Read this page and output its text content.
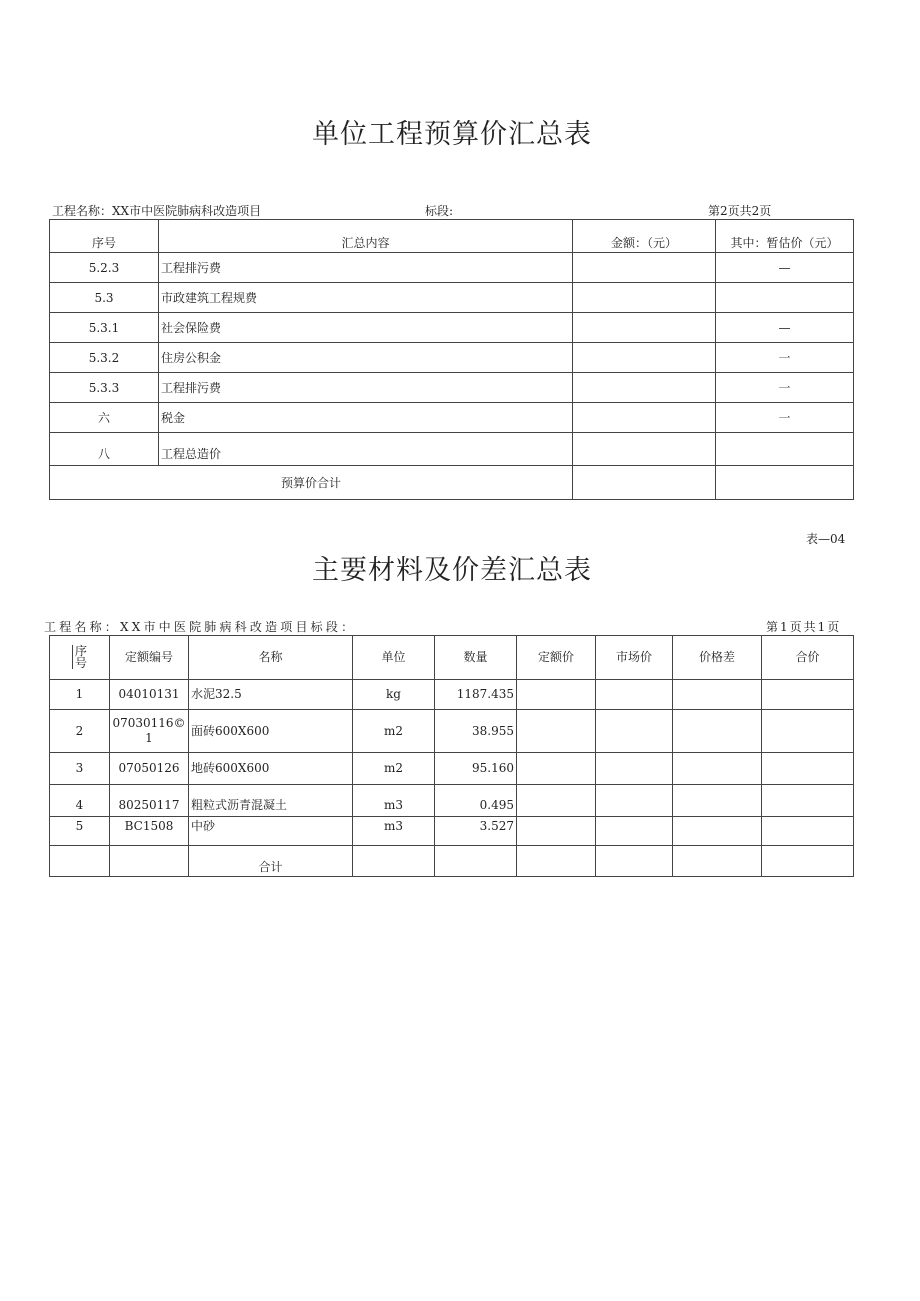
单位工程预算价汇总表
工程名称：XX市中医院肺病科改造项目	标段:	第2页共2页
序号	汇总内容	金额：（元）	其中：暂估价（元）
5.2.3	工程排污费		—
5.3	市政建筑工程规费		
5.3.1	社会保险费		—
5.3.2	住房公积金		一
5.3.3	工程排污费		一
六	税金		一
八	工程总造价		
预算价合计			
表—04
主要材料及价差汇总表
工程名称：XX市中医院肺病科改造项目标段：	第1页共1页
序号	定额编号	名称	单位	数量	定额价	市场价	价格差	合价
1	04010131	水泥32.5	kg	1187.435				
2	07030116©1	面砖600X600	m2	38.955				
3	07050126	地砖600X600	m2	95.160				
4	80250117	粗粒式沥青混凝土	m3	0.495				
5	BC1508	中砂	m3	3.527				
		合计						
